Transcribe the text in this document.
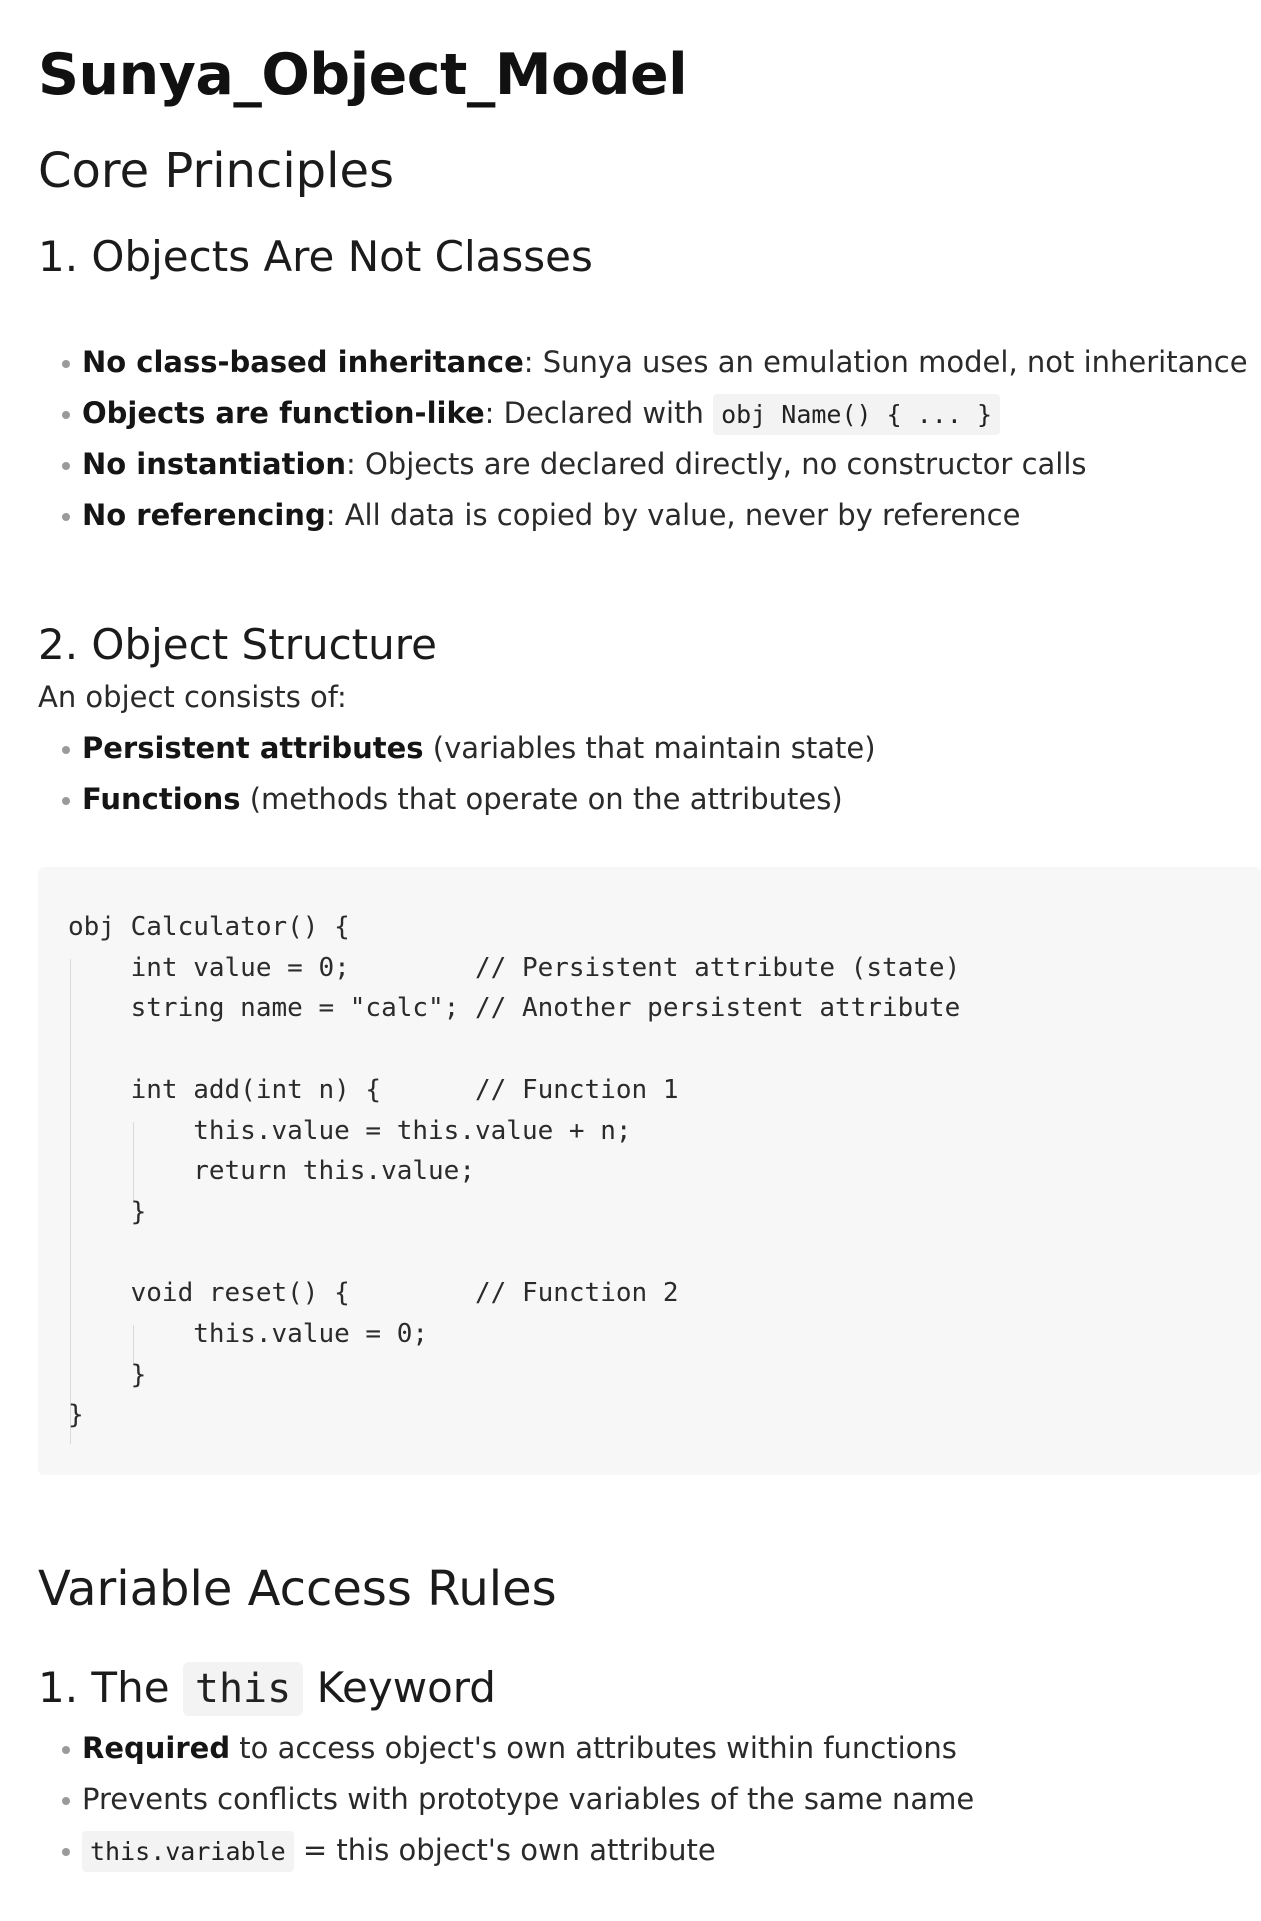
Sunya_Object_Model
Core Principles
1. Objects Are Not Classes
No class-based inheritance: Sunya uses an emulation model, not inheritance
Objects are function-like: Declared with obj Name() { ... }
No instantiation: Objects are declared directly, no constructor calls
No referencing: All data is copied by value, never by reference
2. Object Structure

An object consists of:

Persistent attributes (variables that maintain state)
Functions (methods that operate on the attributes)
obj Calculator() {
int value = 0;        // Persistent attribute (state)
string name = "calc"; // Another persistent attribute

int add(int n) {      // Function 1
this.value = this.value + n;
return this.value;
}

void reset() {        // Function 2
this.value = 0;
}
}
Variable Access Rules
1. The this Keyword
Required to access object's own attributes within functions
Prevents conflicts with prototype variables of the same name
this.variable = this object's own attribute
